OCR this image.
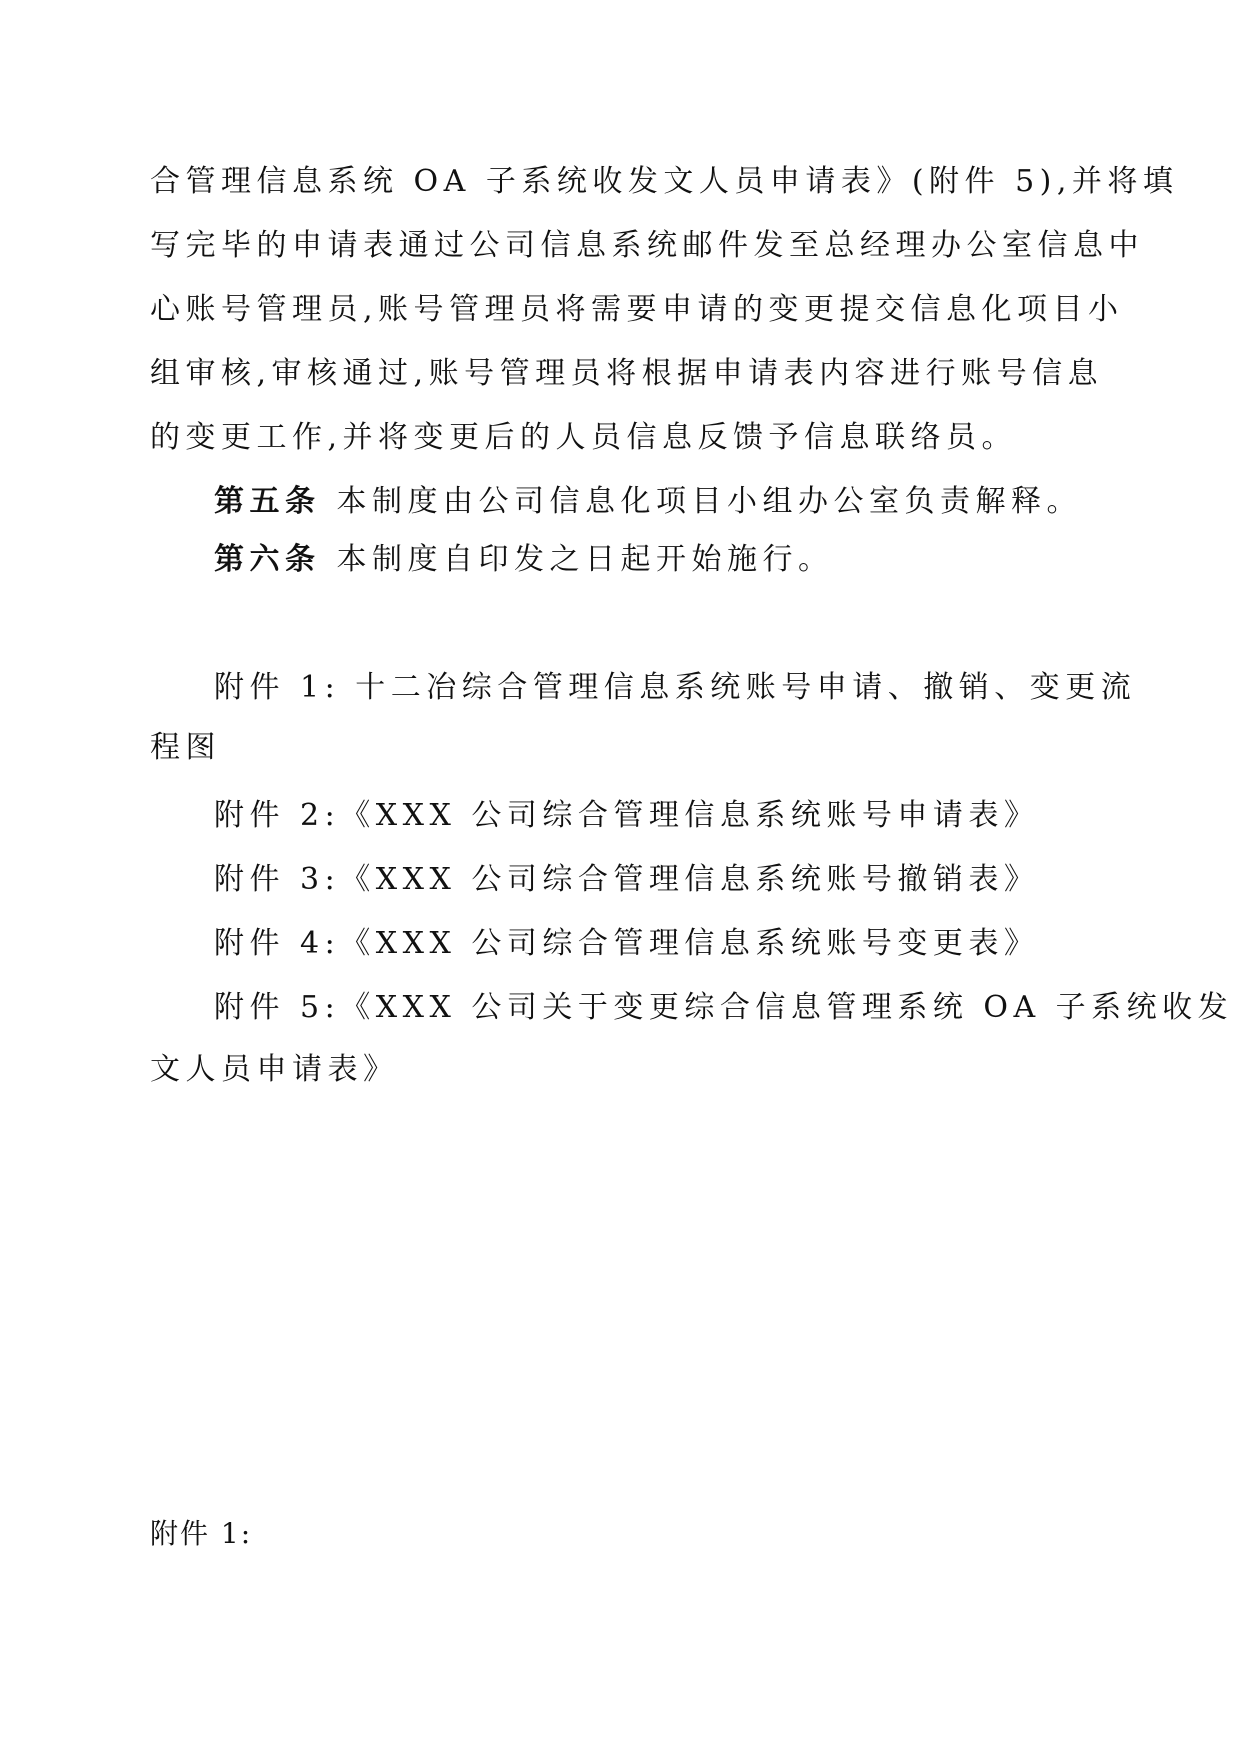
合管理信息系统 OA 子系统收发文人员申请表》(附件 5),并将填
写完毕的申请表通过公司信息系统邮件发至总经理办公室信息中
心账号管理员,账号管理员将需要申请的变更提交信息化项目小
组审核,审核通过,账号管理员将根据申请表内容进行账号信息
的变更工作,并将变更后的人员信息反馈予信息联络员。
第五条 本制度由公司信息化项目小组办公室负责解释。
第六条 本制度自印发之日起开始施行。
附件 1: 十二冶综合管理信息系统账号申请、撤销、变更流
程图
附件 2:《XXX 公司综合管理信息系统账号申请表》
附件 3:《XXX 公司综合管理信息系统账号撤销表》
附件 4:《XXX 公司综合管理信息系统账号变更表》
附件 5:《XXX 公司关于变更综合信息管理系统 OA 子系统收发
文人员申请表》
附件 1:
